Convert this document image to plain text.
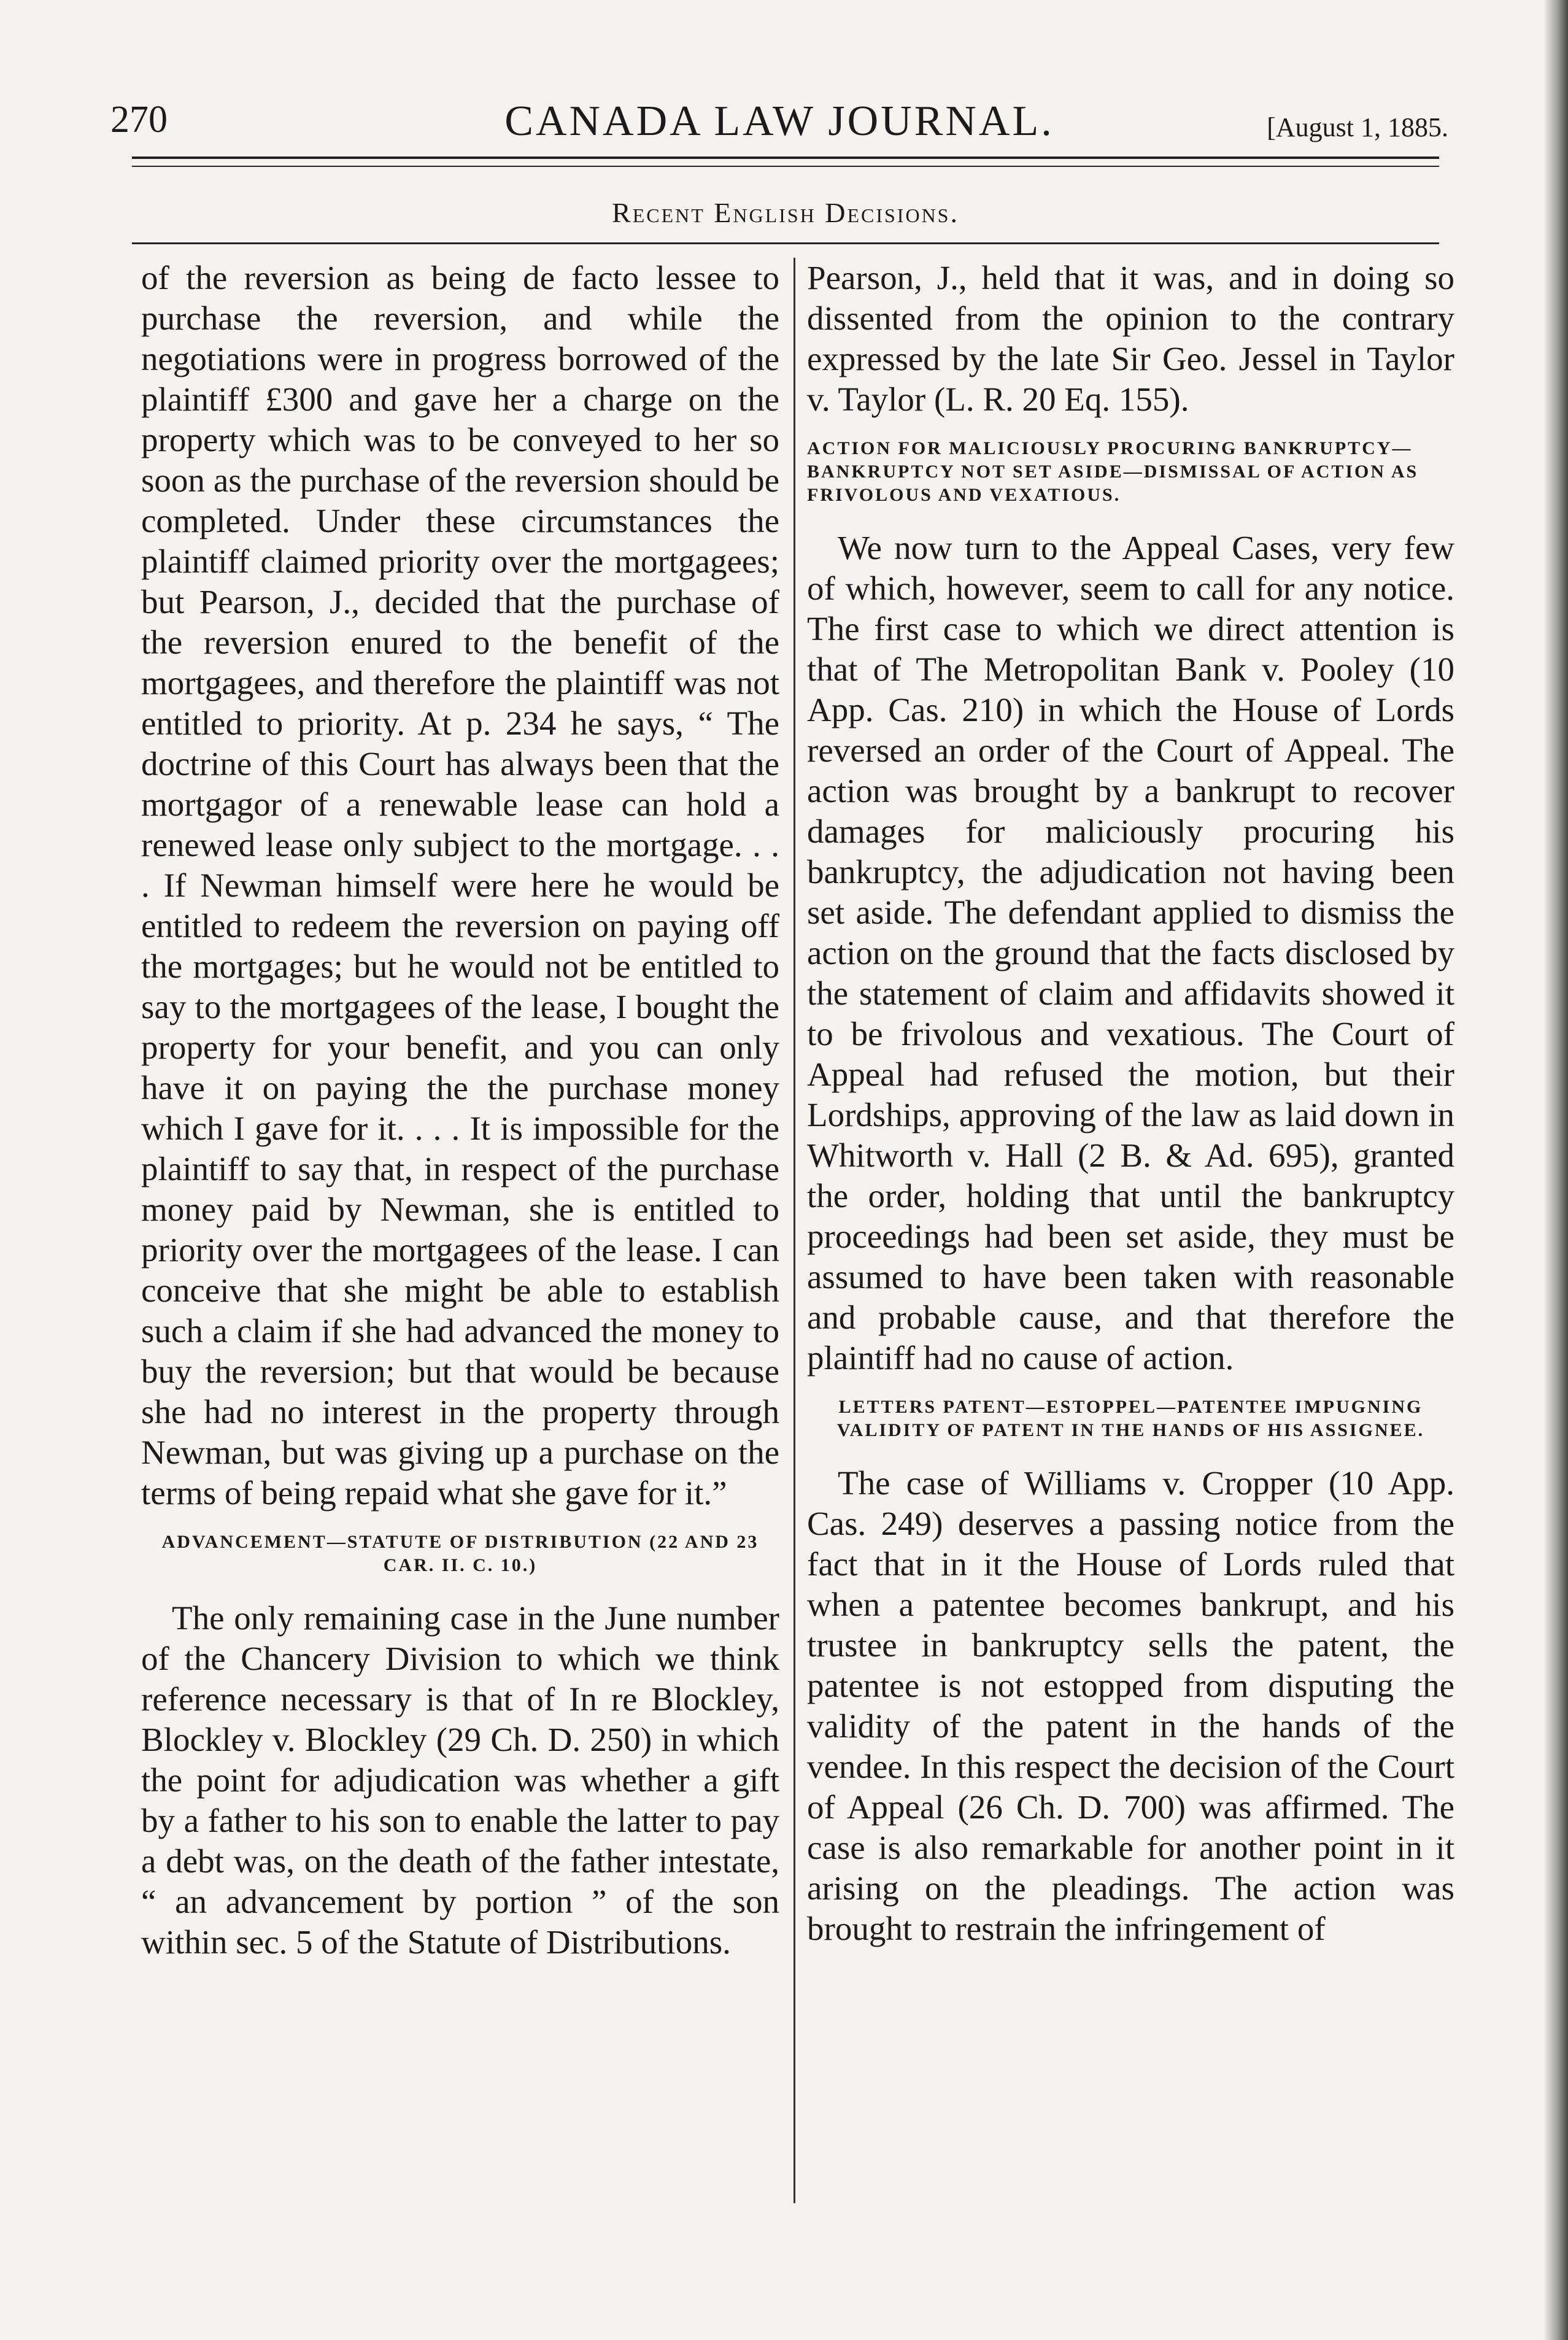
270	CANADA LAW JOURNAL.	[August 1, 1885.
Recent English Decisions.

of the reversion as being de facto lessee to purchase the reversion, and while the negotiations were in progress borrowed of the plaintiff £300 and gave her a charge on the property which was to be conveyed to her so soon as the purchase of the reversion should be completed. Under these circumstances the plaintiff claimed priority over the mortgagees; but Pearson, J., decided that the purchase of the reversion enured to the benefit of the mortgagees, and therefore the plaintiff was not entitled to priority. At p. 234 he says, “ The doctrine of this Court has always been that the mortgagor of a renewable lease can hold a renewed lease only subject to the mortgage. . . . If Newman himself were here he would be entitled to redeem the reversion on paying off the mortgages; but he would not be entitled to say to the mortgagees of the lease, I bought the property for your benefit, and you can only have it on paying the the purchase money which I gave for it. . . . It is impossible for the plaintiff to say that, in respect of the purchase money paid by Newman, she is entitled to priority over the mortgagees of the lease. I can conceive that she might be able to establish such a claim if she had advanced the money to buy the reversion; but that would be because she had no interest in the property through Newman, but was giving up a purchase on the terms of being repaid what she gave for it.”

ADVANCEMENT—STATUTE OF DISTRIBUTION (22 AND 23 CAR. II. C. 10.)

The only remaining case in the June number of the Chancery Division to which we think reference necessary is that of In re Blockley, Blockley v. Blockley (29 Ch. D. 250) in which the point for adjudication was whether a gift by a father to his son to enable the latter to pay a debt was, on the death of the father intestate, “ an advancement by portion ” of the son within sec. 5 of the Statute of Distributions.

Pearson, J., held that it was, and in doing so dissented from the opinion to the contrary expressed by the late Sir Geo. Jessel in Taylor v. Taylor (L. R. 20 Eq. 155).

ACTION FOR MALICIOUSLY PROCURING BANKRUPTCY—BANKRUPTCY NOT SET ASIDE—DISMISSAL OF ACTION AS FRIVOLOUS AND VEXATIOUS.

We now turn to the Appeal Cases, very few of which, however, seem to call for any notice. The first case to which we direct attention is that of The Metropolitan Bank v. Pooley (10 App. Cas. 210) in which the House of Lords reversed an order of the Court of Appeal. The action was brought by a bankrupt to recover damages for maliciously procuring his bankruptcy, the adjudication not having been set aside. The defendant applied to dismiss the action on the ground that the facts disclosed by the statement of claim and affidavits showed it to be frivolous and vexatious. The Court of Appeal had refused the motion, but their Lordships, approving of the law as laid down in Whitworth v. Hall (2 B. & Ad. 695), granted the order, holding that until the bankruptcy proceedings had been set aside, they must be assumed to have been taken with reasonable and probable cause, and that therefore the plaintiff had no cause of action.

LETTERS PATENT—ESTOPPEL—PATENTEE IMPUGNING VALIDITY OF PATENT IN THE HANDS OF HIS ASSIGNEE.

The case of Williams v. Cropper (10 App. Cas. 249) deserves a passing notice from the fact that in it the House of Lords ruled that when a patentee becomes bankrupt, and his trustee in bankruptcy sells the patent, the patentee is not estopped from disputing the validity of the patent in the hands of the vendee. In this respect the decision of the Court of Appeal (26 Ch. D. 700) was affirmed. The case is also remarkable for another point in it arising on the pleadings. The action was brought to restrain the infringement of
